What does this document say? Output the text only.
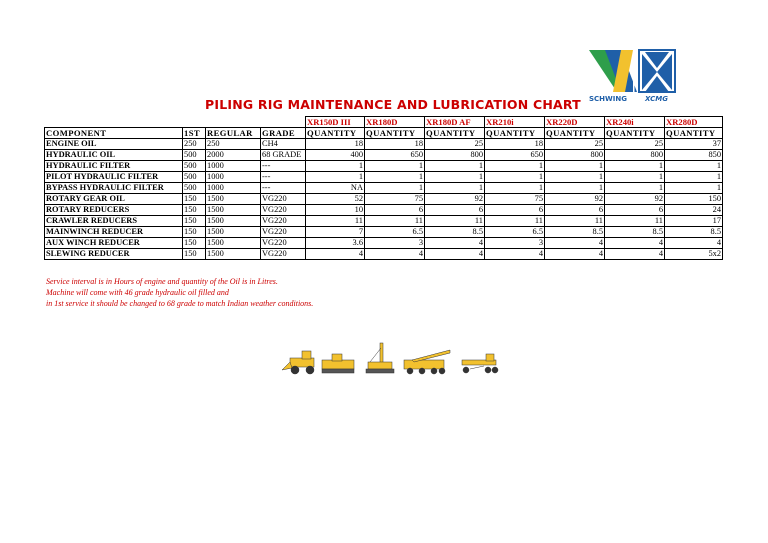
SCHWING	XCMG
PILING RIG MAINTENANCE AND LUBRICATION CHART
				XR150D III	XR180D	XR180D AF	XR210i	XR220D	XR240i	XR280D
COMPONENT	1ST	REGULAR	GRADE	QUANTITY	QUANTITY	QUANTITY	QUANTITY	QUANTITY	QUANTITY	QUANTITY
ENGINE OIL	250	250	CH4	18	18	25	18	25	25	37
HYDRAULIC OIL	500	2000	68 GRADE	400	650	800	650	800	800	850
HYDRAULIC FILTER	500	1000	---	1	1	1	1	1	1	1
PILOT HYDRAULIC FILTER	500	1000	---	1	1	1	1	1	1	1
BYPASS HYDRAULIC FILTER	500	1000	---	NA	1	1	1	1	1	1
ROTARY GEAR OIL	150	1500	VG220	52	75	92	75	92	92	150
ROTARY REDUCERS	150	1500	VG220	10	6	6	6	6	6	24
CRAWLER REDUCERS	150	1500	VG220	11	11	11	11	11	11	17
MAINWINCH REDUCER	150	1500	VG220	7	6.5	8.5	6.5	8.5	8.5	8.5
AUX WINCH REDUCER	150	1500	VG220	3.6	3	4	3	4	4	4
SLEWING REDUCER	150	1500	VG220	4	4	4	4	4	4	5x2
Service interval is in Hours of engine and quantity of the Oil is in Litres.
Machine will come with 46 grade hydraulic oil filled and
in 1st service it should be changed to 68 grade to match Indian weather conditions.
